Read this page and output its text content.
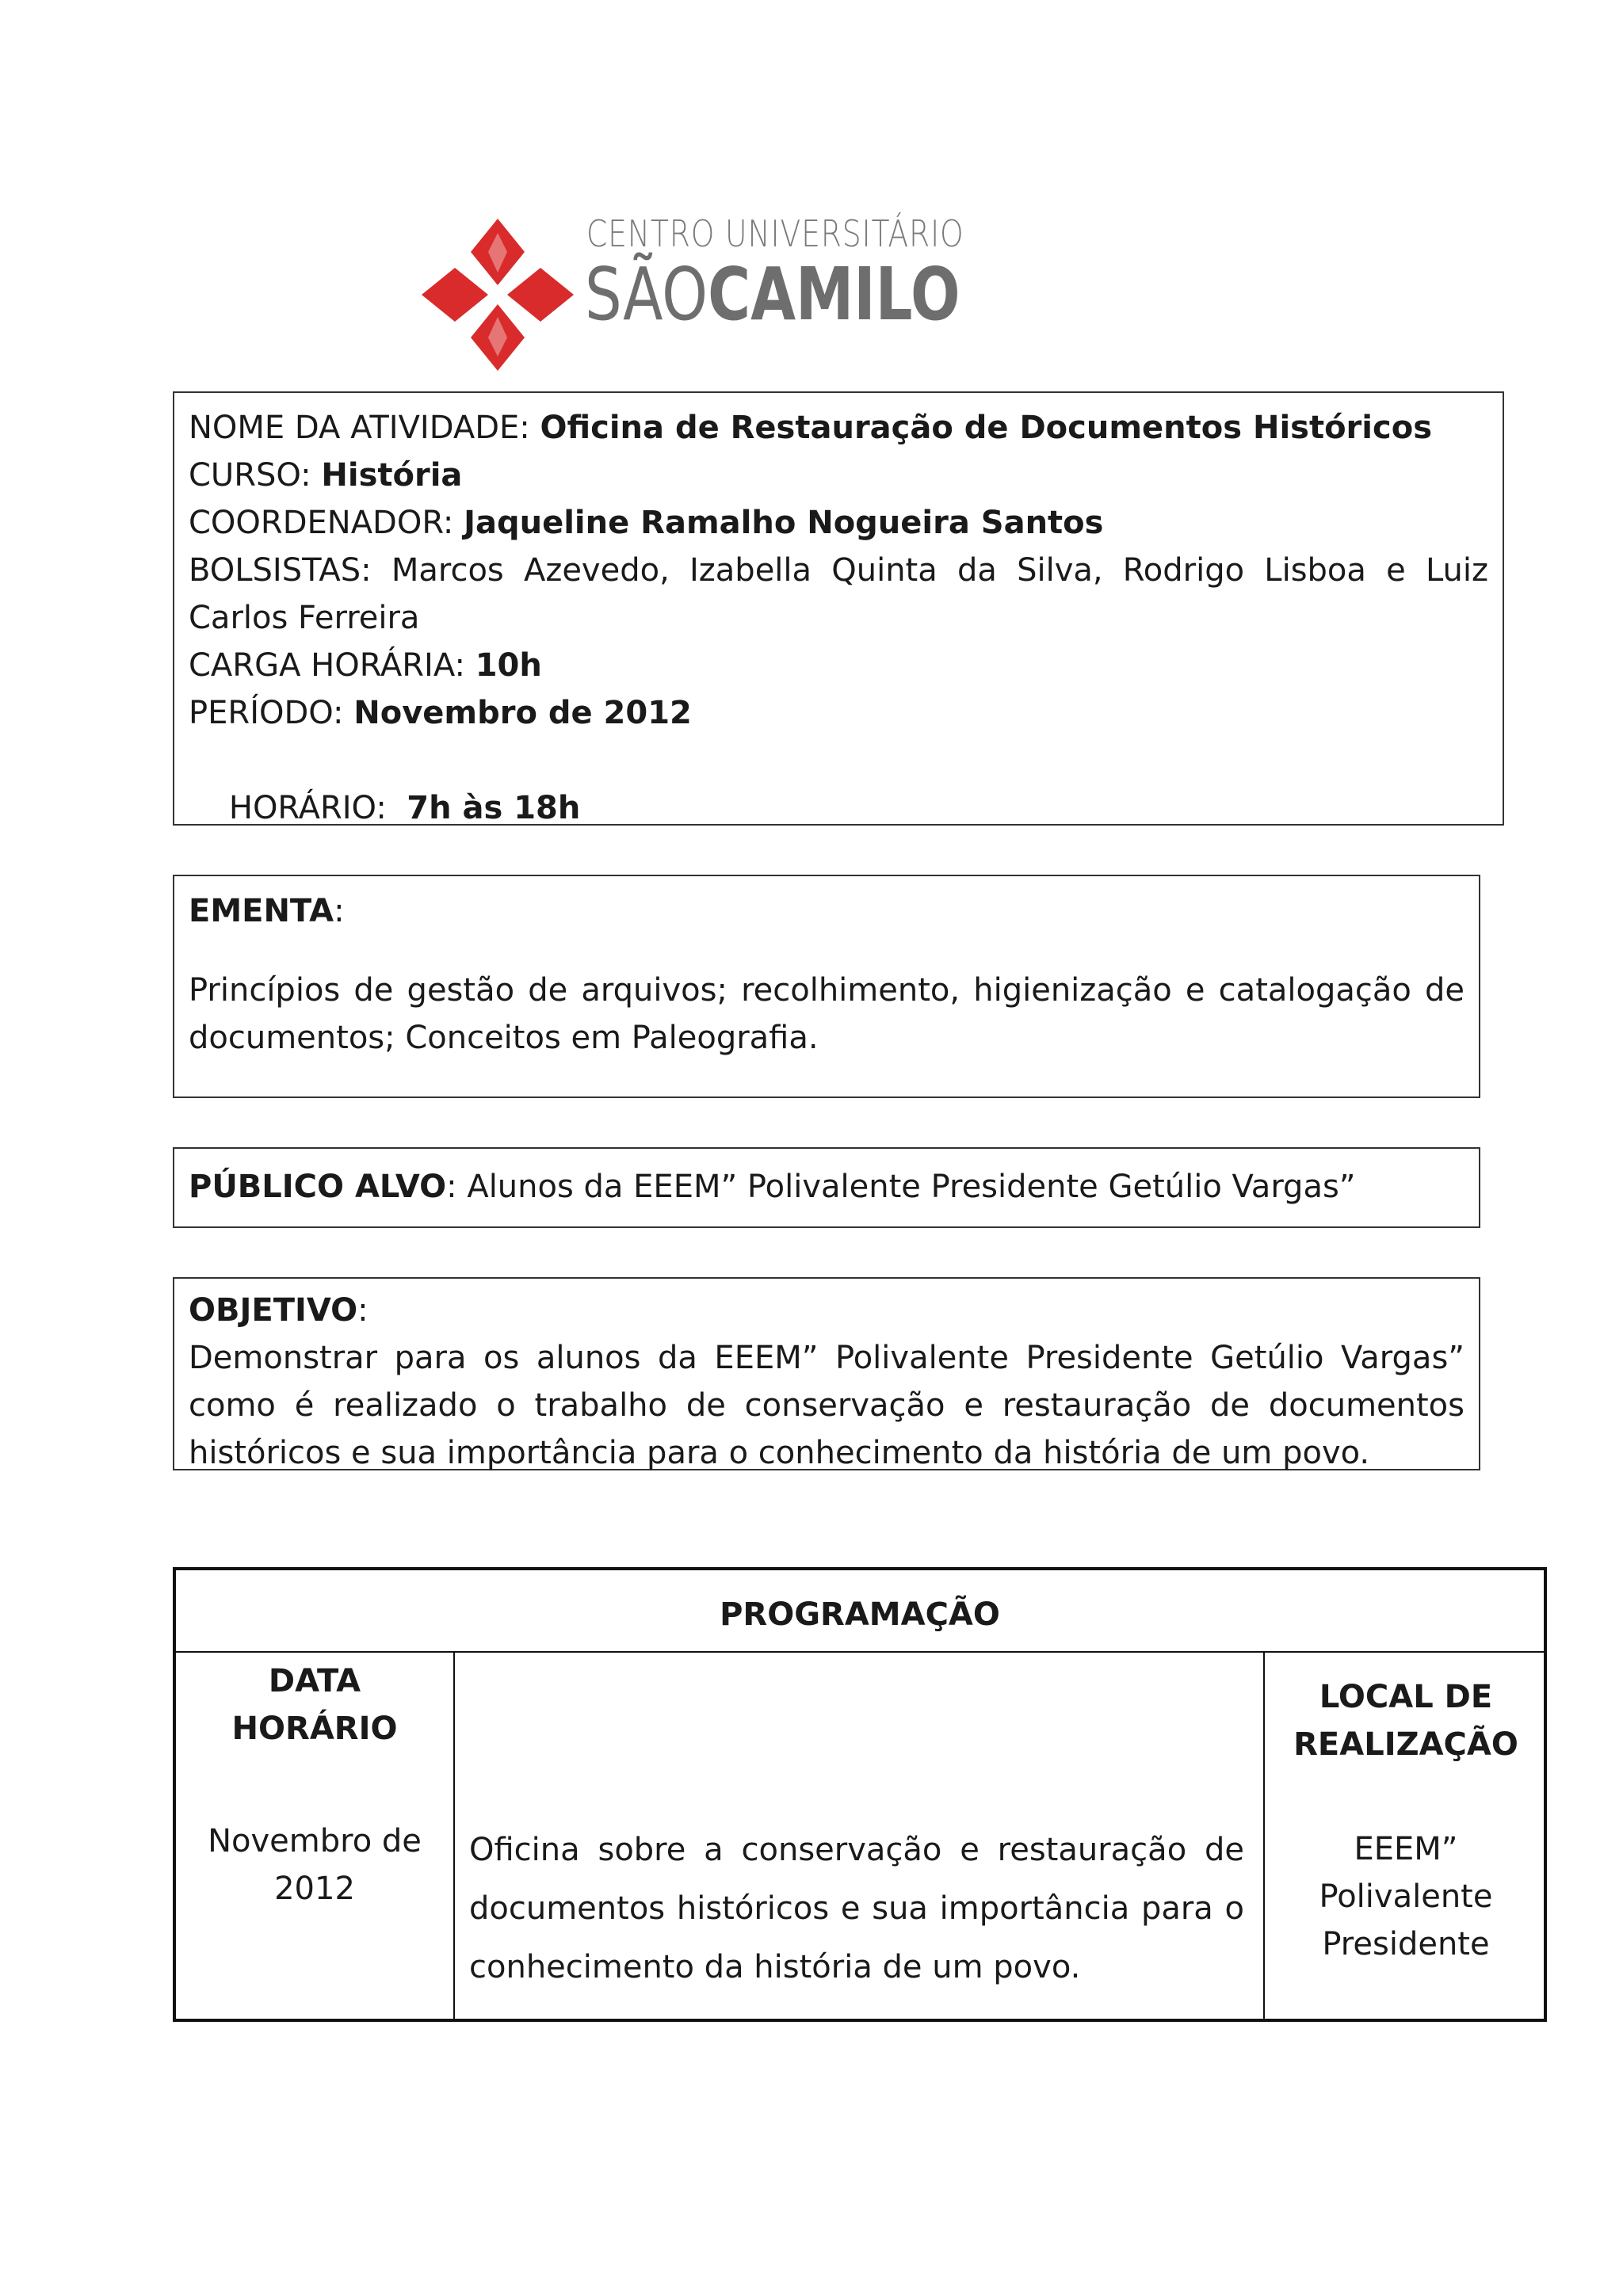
CENTRO UNIVERSITÁRIO
SÃOCAMILO

NOME DA ATIVIDADE: Oficina de Restauração de Documentos Históricos

CURSO: História

COORDENADOR: Jaqueline Ramalho Nogueira Santos

BOLSISTAS: Marcos Azevedo, Izabella Quinta da Silva, Rodrigo Lisboa e Luiz Carlos Ferreira

CARGA HORÁRIA: 10h

PERÍODO: Novembro de 2012

HORÁRIO:  7h às 18h

EMENTA:

Princípios de gestão de arquivos; recolhimento, higienização e catalogação de documentos; Conceitos em Paleografia.

PÚBLICO ALVO: Alunos da EEEM” Polivalente Presidente Getúlio Vargas”

OBJETIVO:

Demonstrar para os alunos da EEEM” Polivalente Presidente Getúlio Vargas” como é realizado o trabalho de conservação e restauração de documentos históricos e sua importância para o conhecimento da história de um povo.

PROGRAMAÇÃO
DATA
HORÁRIO
Novembro de
2012
Oficina sobre a conservação e restauração de documentos históricos e sua importância para o conhecimento da história de um povo.
LOCAL DE
REALIZAÇÃO
EEEM”
Polivalente
Presidente
